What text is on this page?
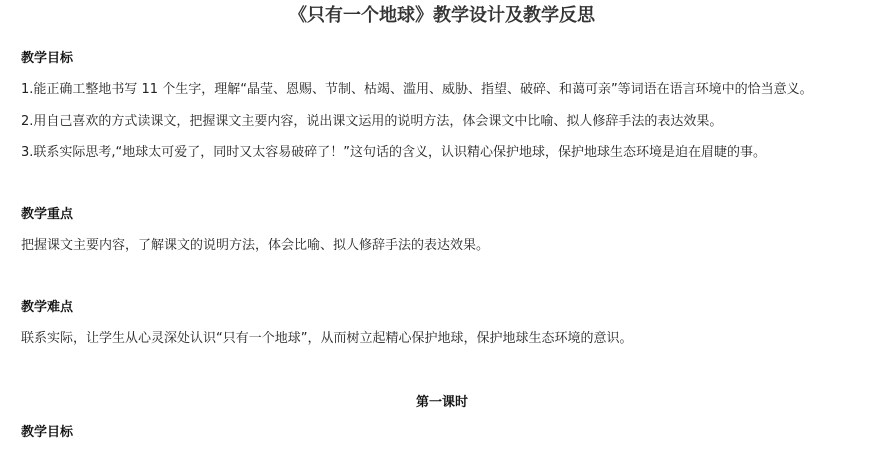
《只有一个地球》教学设计及教学反思
教学目标
1.能正确工整地书写 11 个生字，理解“晶莹、恩赐、节制、枯竭、滥用、威胁、指望、破碎、和蔼可亲”等词语在语言环境中的恰当意义。
2.用自己喜欢的方式读课文，把握课文主要内容，说出课文运用的说明方法，体会课文中比喻、拟人修辞手法的表达效果。
3.联系实际思考,“地球太可爱了，同时又太容易破碎了！”这句话的含义，认识精心保护地球，保护地球生态环境是迫在眉睫的事。
教学重点
把握课文主要内容，了解课文的说明方法，体会比喻、拟人修辞手法的表达效果。
教学难点
联系实际，让学生从心灵深处认识“只有一个地球”，从而树立起精心保护地球，保护地球生态环境的意识。
第一课时
教学目标
